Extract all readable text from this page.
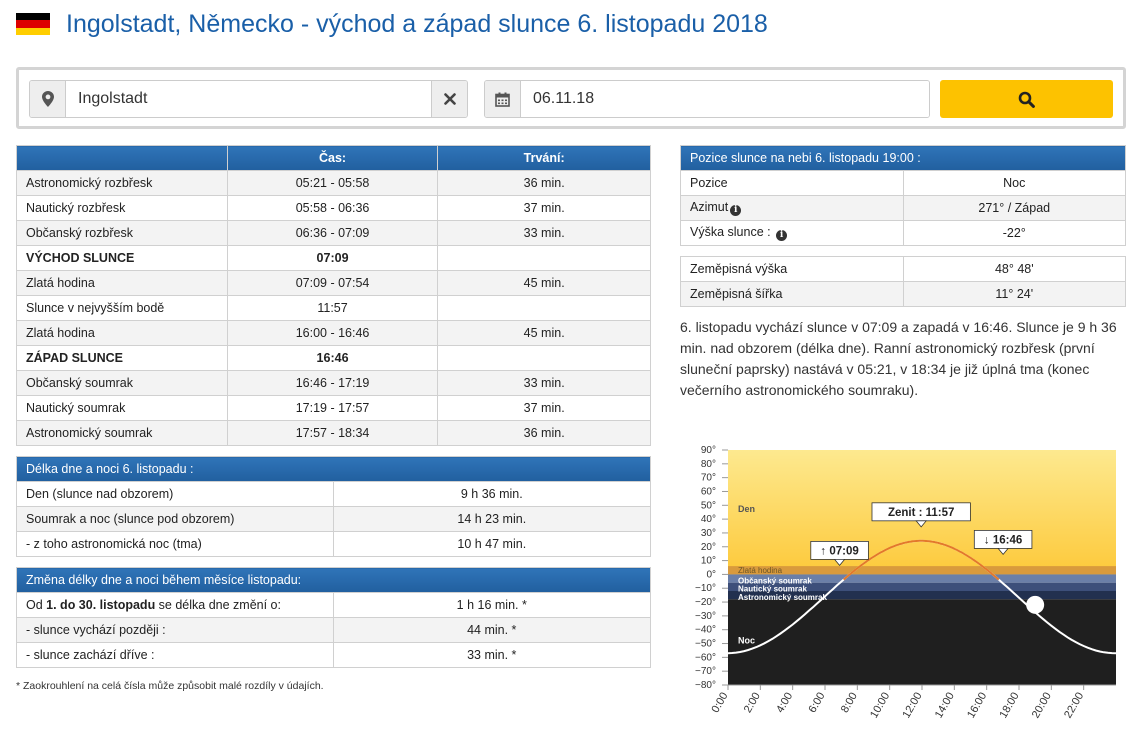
Ingolstadt, Německo - východ a západ slunce 6. listopadu 2018
Ingolstadt	06.11.18
	Čas:	Trvání:
Astronomický rozbřesk	05:21 - 05:58	36 min.
Nautický rozbřesk	05:58 - 06:36	37 min.
Občanský rozbřesk	06:36 - 07:09	33 min.
VÝCHOD SLUNCE	07:09	
Zlatá hodina	07:09 - 07:54	45 min.
Slunce v nejvyšším bodě	11:57	
Zlatá hodina	16:00 - 16:46	45 min.
ZÁPAD SLUNCE	16:46	
Občanský soumrak	16:46 - 17:19	33 min.
Nautický soumrak	17:19 - 17:57	37 min.
Astronomický soumrak	17:57 - 18:34	36 min.
Délka dne a noci 6. listopadu :	
Den (slunce nad obzorem)	9 h 36 min.
Soumrak a noc (slunce pod obzorem)	14 h 23 min.
- z toho astronomická noc (tma)	10 h 47 min.
Změna délky dne a noci během měsíce listopadu:	
Od 1. do 30. listopadu se délka dne změní o:	1 h 16 min. *
- slunce vychází později :	44 min. *
- slunce zachází dříve :	33 min. *
* Zaokrouhlení na celá čísla může způsobit malé rozdíly v údajích.
Pozice slunce na nebi 6. listopadu 19:00 :	
Pozice	Noc
Azimut i	271° / Západ
Výška slunce : i	-22°
Zeměpisná výška	48° 48'
Zeměpisná šířka	11° 24'

6. listopadu vychází slunce v 07:09 a zapadá v 16:46. Slunce je 9 h 36 min. nad obzorem (délka dne). Ranní astronomický rozbřesk (první sluneční paprsky) nastává v 05:21, v 18:34 je již úplná tma (konec večerního astronomického soumraku).

Den
Zlatá hodina
Občanský soumrak
Nautický soumrak
Astronomický soumrak
Noc
90°
80°
70°
60°
50°
40°
30°
20°
10°
0°
−10°
−20°
−30°
−40°
−50°
−60°
−70°
−80°
0:00 2:00 4:00 6:00 8:00 10:00 12:00 14:00 16:00 18:00 20:00 22:00
↑ 07:09
Zenit : 11:57
↓ 16:46
